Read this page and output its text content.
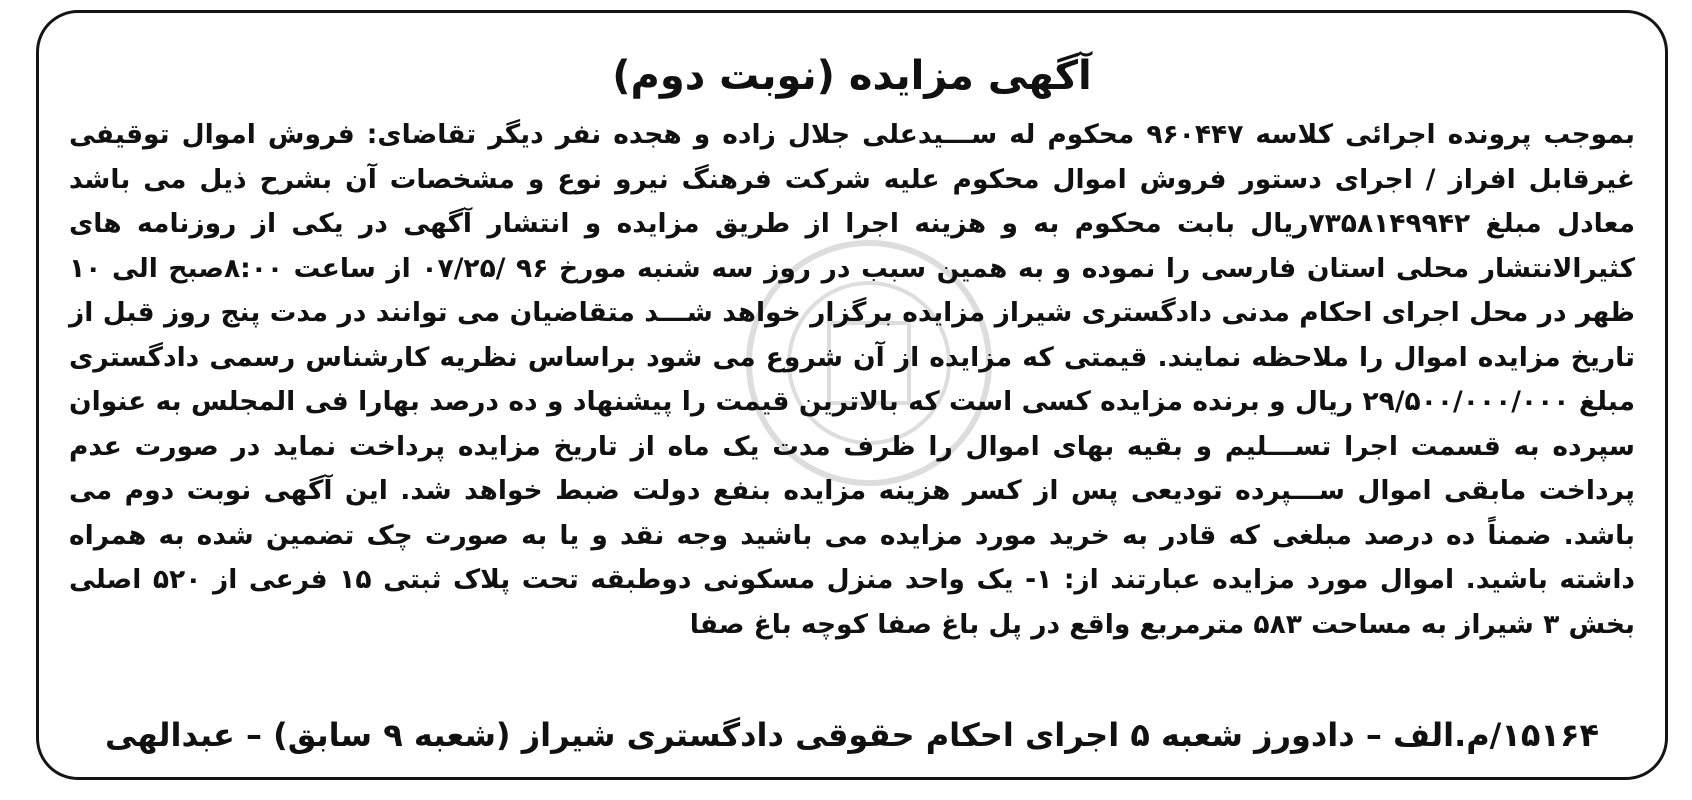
آگهی مزایده (نوبت دوم)

بموجب پرونده اجرائی کلاسه ۹۶۰۴۴۷ محکوم له ســـیدعلی جلال زاده و هجده نفر دیگر تقاضای: فروش اموال توقیفی غیرقابل افراز / اجرای دستور فروش اموال محکوم علیه شرکت فرهنگ نیرو نوع و مشخصات آن بشرح ذیل می باشد معادل مبلغ ۷۳۵۸۱۴۹۹۴۲ریال بابت محکوم به و هزینه اجرا از طریق مزایده و انتشار آگهی در یکی از روزنامه های کثیرالانتشار محلی استان فارسی را نموده و به همین سبب در روز سه شنبه مورخ ۹۶ /۰۷/۲۵ از ساعت ۸:۰۰صبح الی ۱۰ ظهر در محل اجرای احکام مدنی دادگستری شیراز مزایده برگزار خواهد شـــد متقاضیان می توانند در مدت پنج روز قبل از تاریخ مزایده اموال را ملاحظه نمایند. قیمتی که مزایده از آن شروع می شود براساس نظریه کارشناس رسمی دادگستری مبلغ ۲۹/۵۰۰/۰۰۰/۰۰۰ ریال و برنده مزایده کسی است که بالاترین قیمت را پیشنهاد و ده درصد بهارا فی المجلس به عنوان سپرده به قسمت اجرا تســـلیم و بقیه بهای اموال را ظرف مدت یک ماه از تاریخ مزایده پرداخت نماید در صورت عدم پرداخت مابقی اموال ســـپرده تودیعی پس از کسر هزینه مزایده بنفع دولت ضبط خواهد شد. این آگهی نوبت دوم می باشد. ضمناً ده درصد مبلغی که قادر به خرید مورد مزایده می باشید وجه نقد و یا به صورت چک تضمین شده به همراه داشته باشید. اموال مورد مزایده عبارتند از: ۱- یک واحد منزل مسکونی دوطبقه تحت پلاک ثبتی ۱۵ فرعی از ۵۲۰ اصلی بخش ۳ شیراز به مساحت ۵۸۳ مترمربع واقع در پل باغ صفا کوچه باغ صفا

۱۵۱۶۴/م.الف – دادورز شعبه ۵ اجرای احکام حقوقی دادگستری شیراز (شعبه ۹ سابق) – عبدالهی
